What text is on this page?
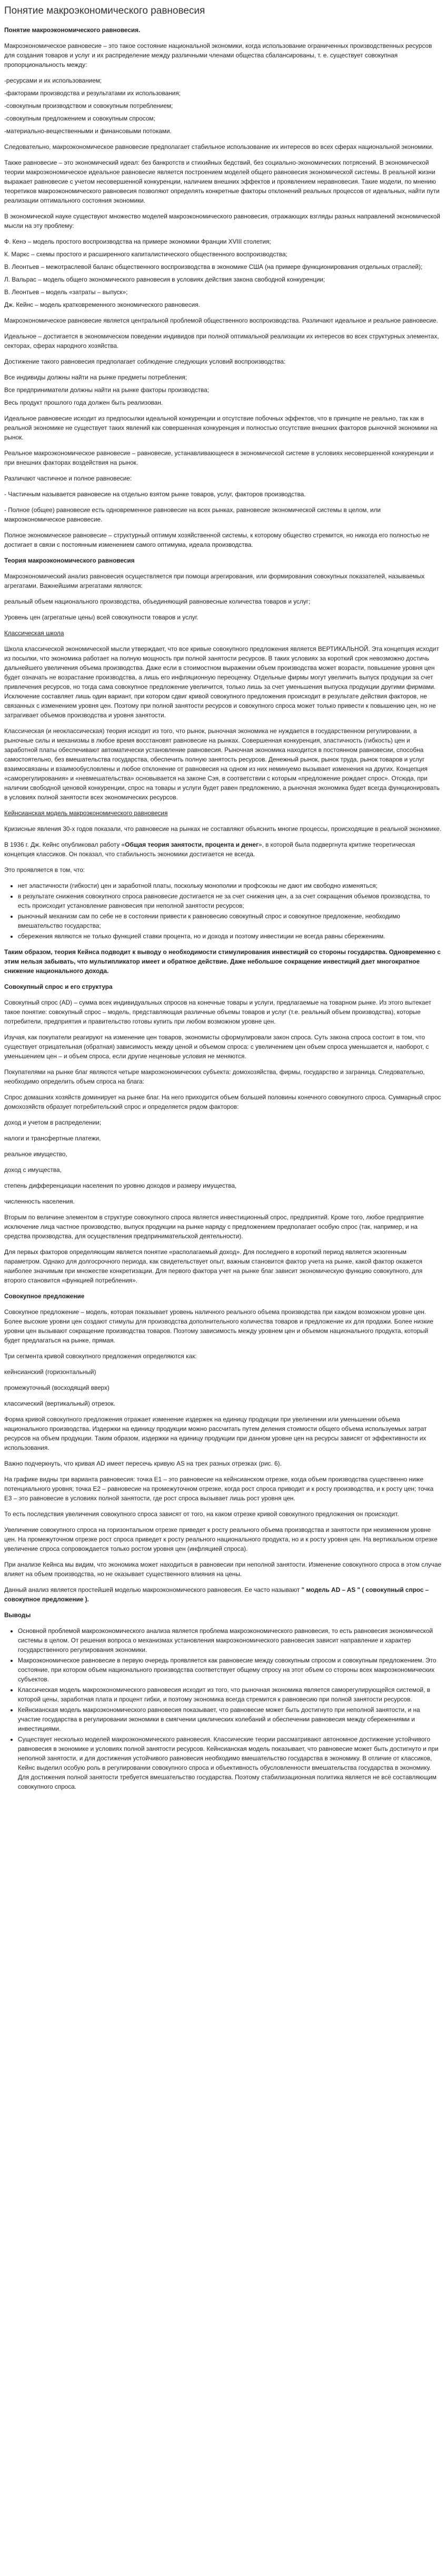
Понятие макроэкономического равновесия
Понятие макроэкономического равновесия.
Макроэкономическое равновесие – это такое состояние национальной экономики, когда использование ограниченных производственных ресурсов для создания товаров и услуг и их распределение между различными членами общества сбалансированы, т. е. существует совокупная пропорциональность между:
-ресурсами и их использованием;
-факторами производства и результатами их использования;
-совокупным производством и совокупным потреблением;
-совокупным предложением и совокупным спросом;
-материально-вещественными и финансовыми потоками.
Следовательно, макроэкономическое равновесие предполагает стабильное использование их интересов во всех сферах национальной экономики.
Также равновесие – это экономический идеал: без банкротств и стихийных бедствий, без социально-экономических потрясений. В экономической теории макроэкономическое идеальное равновесие является построением моделей общего равновесия экономической системы. В реальной жизни выражает равновесие с учетом несовершенной конкуренции, наличием внешних эффектов и проявлением неравновесия. Такие модели, по мнению теоретиков макроэкономического равновесия позволяют определять конкретные факторы отклонений реальных процессов от идеальных, найти пути реализации оптимального состояния экономики.
В экономической науке существуют множество моделей макроэкономического равновесия, отражающих взгляды разных направлений экономической мысли на эту проблему:
Ф. Кенэ – модель простого воспроизводства на примере экономики Франции XVIII столетия;
К. Маркс – схемы простого и расширенного капиталистического общественного воспроизводства;
В. Леонтьев – межотраслевой баланс общественного воспроизводства в экономике США (на примере функционирования отдельных отраслей);
Л. Вальрас – модель общего экономического равновесия в условиях действия закона свободной конкуренции;
В. Леонтьев – модель «затраты – выпуск»;
Дж. Кейнс – модель кратковременного экономического равновесия.
Макроэкономическое равновесие является центральной проблемой общественного воспроизводства. Различают идеальное и реальное равновесие.
Идеальное – достигается в экономическом поведении индивидов при полной оптимальной реализации их интересов во всех структурных элементах, секторах, сферах народного хозяйства.
Достижение такого равновесия предполагает соблюдение следующих условий воспроизводства:
Все индивиды должны найти на рынке предметы потребления;
Все предприниматели должны найти на рынке факторы производства;
Весь продукт прошлого года должен быть реализован.
Идеальное равновесие исходит из предпосылки идеальной конкуренции и отсутствие побочных эффектов, что в принципе не реально, так как в реальной экономике не существует таких явлений как совершенная конкуренция и полностью отсутствие внешних факторов рыночной экономики на рынок.
Реальное макроэкономическое равновесие – равновесие, устанавливающееся в экономической системе в условиях несовершенной конкуренции и при внешних факторах воздействия на рынок.
Различают частичное и полное равновесие:
- Частичным называется равновесие на отдельно взятом рынке товаров, услуг, факторов производства.
- Полное (общее) равновесие есть одновременное равновесие на всех рынках, равновесие экономической системы в целом, или макроэкономическое равновесие.
Полное экономическое равновесие – структурный оптимум хозяйственной системы, к которому общество стремится, но никогда его полностью не достигает в связи с постоянным изменением самого оптимума, идеала производства.
Теория макроэкономического равновесия
Макроэкономический анализ равновесия осуществляется при помощи агрегирования, или формирования совокупных показателей, называемых агрегатами. Важнейшими агрегатами являются:
реальный объем национального производства, объединяющий равновесные количества товаров и услуг;
Уровень цен (агрегатные цены) всей совокупности товаров и услуг.
Классическая школа
Школа классической экономической мысли утверждает, что все кривые совокупного предложения является ВЕРТИКАЛЬНОЙ. Эта концепция исходит из посылки, что экономика работает на полную мощность при полной занятости ресурсов. В таких условиях за короткий срок невозможно достичь дальнейшего увеличения объема производства. Даже если в стоимостном выражении объем производства может возрасти, повышение уровня цен будет означать не возрастание производства, а лишь его инфляционную переоценку. Отдельные фирмы могут увеличить выпуск продукции за счет привлечения ресурсов, но тогда сама совокупное предложение увеличится, только лишь за счет уменьшения выпуска продукции другими фирмами. Исключение составляет лишь один вариант, при котором сдвиг кривой совокупного предложения происходит в результате действия факторов, не связанных с изменением уровня цен. Поэтому при полной занятости ресурсов и совокупного спроса может только привести к повышению цен, но не затрагивает объемов производства и уровня занятости.
Классическая (и неоклассическая) теория исходит из того, что рынок, рыночная экономика не нуждается в государственном регулировании, а рыночные силы и механизмы в любое время восстановят равновесие на рынках. Совершенная конкуренция, эластичность (гибкость) цен и заработной платы обеспечивают автоматически установление равновесия. Рыночная экономика находится в постоянном равновесии, способна самостоятельно, без вмешательства государства, обеспечить полную занятость ресурсов. Денежный рынок, рынок труда, рынок товаров и услуг взаимосвязаны и взаимообусловлены и любое отклонение от равновесия на одном из них неминуемо вызывает изменения на других. Концепция «саморегулирования» и «невмешательства» основывается на законе Сэя, в соответствии с которым «предложение рождает спрос». Отсюда, при наличии свободной ценовой конкуренции, спрос на товары и услуги будет равен предложению, а рыночная экономика будет всегда функционировать в условиях полной занятости всех экономических ресурсов.
Кейнсианская модель макроэкономического равновесия
Кризисные явления 30-х годов показали, что равновесие на рынках не составляют объяснить многие процессы, происходящие в реальной экономике.
В 1936 г. Дж. Кейнс опубликовал работу «Общая теория занятости, процента и денег», в которой была подвергнута критике теоретическая концепция классиков. Он показал, что стабильность экономики достигается не всегда.
Это проявляется в том, что:
• нет эластичности (гибкости) цен и заработной платы, поскольку монополии и профсоюзы не дают им свободно изменяться;
• в результате снижения совокупного спроса равновесие достигается не за счет снижения цен, а за счет сокращения объемов производства, то есть происходит установление равновесия при неполной занятости ресурсов;
• рыночный механизм сам по себе не в состоянии привести к равновесию совокупный спрос и совокупное предложение, необходимо вмешательство государства;
• сбережения являются не только функцией ставки процента, но и дохода и поэтому инвестиции не всегда равны сбережениям.
Таким образом, теория Кейнса подводит к выводу о необходимости стимулирования инвестиций со стороны государства. Одновременно с этим нельзя забывать, что мультипликатор имеет и обратное действие. Даже небольшое сокращение инвестиций дает многократное снижение национального дохода.
Совокупный спрос и его структура
Совокупный спрос (AD) – сумма всех индивидуальных спросов на конечные товары и услуги, предлагаемые на товарном рынке. Из этого вытекает такое понятие: совокупный спрос – модель, представляющая различные объемы товаров и услуг (т.е. реальный объем производства), которые потребители, предприятия и правительство готовы купить при любом возможном уровне цен.
Изучая, как покупатели реагируют на изменение цен товаров, экономисты сформулировали закон спроса. Суть закона спроса состоит в том, что существует отрицательная (обратная) зависимость между ценой и объемом спроса: с увеличением цен объем спроса уменьшается и, наоборот, с уменьшением цен – и объем спроса, если другие неценовые условия не меняются.
Покупателями на рынке благ являются четыре макроэкономических субъекта: домохозяйства, фирмы, государство и заграница. Следовательно, необходимо определить объем спроса на блага:
Спрос домашних хозяйств доминирует на рынке благ. На него приходится объем большей половины конечного совокупного спроса. Суммарный спрос домохозяйств образует потребительский спрос и определяется рядом факторов:
доход и учетом в распределении;
налоги и трансфертные платежи,
реальное имущество,
доход с имущества,
степень дифференциации населения по уровню доходов и размеру имущества,
численность населения.
Вторым по величине элементом в структуре совокупного спроса является инвестиционный спрос, предприятий. Кроме того, любое предприятие исключение лица частное производство, выпуск продукции на рынке наряду с предложением предполагает особую спрос (так, например, и на средства производства, для осуществления предпринимательской деятельности).
Для первых факторов определяющим является понятие «располагаемый доход». Для последнего в короткий период является экзогенным параметром. Однако для долгосрочного периода, как свидетельствует опыт, важным становится фактор учета на рынке, какой фактор окажется наиболее значимым при множестве конкретизации. Для первого фактора учет на рынке благ зависит экономическую функцию совокупного, для второго становится «функцией потребления».
Совокупное предложение
Совокупное предложение – модель, которая показывает уровень наличного реального объема производства при каждом возможном уровне цен. Более высокие уровни цен создают стимулы для производства дополнительного количества товаров и предложение их для продажи. Более низкие уровни цен вызывают сокращение производства товаров. Поэтому зависимость между уровнем цен и объемом национального продукта, который будет предлагаться на рынке, прямая.
Три сегмента кривой совокупного предложения определяются как:
кейнсианский (горизонтальный)
промежуточный (восходящий вверх)
классический (вертикальный) отрезок.
Форма кривой совокупного предложения отражает изменение издержек на единицу продукции при увеличении или уменьшении объема национального производства. Издержки на единицу продукции можно рассчитать путем деления стоимости общего объема используемых затрат ресурсов на объем продукции. Таким образом, издержки на единицу продукции при данном уровне цен на ресурсы зависят от эффективности их использования.
Важно подчеркнуть, что кривая AD имеет пересечь кривую AS на трех разных отрезках (рис. 6).
На графике видны три варианта равновесия: точка E1 – это равновесие на кейнсианском отрезке, когда объем производства существенно ниже потенциального уровня; точка E2 – равновесие на промежуточном отрезке, когда рост спроса приводит и к росту производства, и к росту цен; точка E3 – это равновесие в условиях полной занятости, где рост спроса вызывает лишь рост уровня цен.
То есть последствия увеличения совокупного спроса зависят от того, на каком отрезке кривой совокупного предложения он происходит.
Увеличение совокупного спроса на горизонтальном отрезке приведет к росту реального объема производства и занятости при неизменном уровне цен. На промежуточном отрезке рост спроса приведет к росту реального национального продукта, но и к росту уровня цен. На вертикальном отрезке увеличение спроса сопровождается только ростом уровня цен (инфляцией спроса).
При анализе Кейнса мы видим, что экономика может находиться в равновесии при неполной занятости. Изменение совокупного спроса в этом случае влияет на объем производства, но не оказывает существенного влияния на цены.
Данный анализ является простейшей моделью макроэкономического равновесия. Ее часто называют " модель AD – AS " ( совокупный спрос – совокупное предложение ).
Выводы
• Основной проблемой макроэкономического анализа является проблема макроэкономического равновесия, то есть равновесия экономической системы в целом. От решения вопроса о механизмах установления макроэкономического равновесия зависит направление и характер государственного регулирования экономики.
• Макроэкономическое равновесие в первую очередь проявляется как равновесие между совокупным спросом и совокупным предложением. Это состояние, при котором объем национального производства соответствует общему спросу на этот объем со стороны всех макроэкономических субъектов.
• Классическая модель макроэкономического равновесия исходит из того, что рыночная экономика является саморегулирующейся системой, в которой цены, заработная плата и процент гибки, и поэтому экономика всегда стремится к равновесию при полной занятости ресурсов.
• Кейнсианская модель макроэкономического равновесия показывает, что равновесие может быть достигнуто при неполной занятости, и на участие государства в регулировании экономики в смягчении циклических колебаний и обеспечении равновесия между сбережениями и инвестициями.
• Существует несколько моделей макроэкономического равновесия. Классические теории рассматривают автономное достижение устойчивого равновесия в экономике и условиях полной занятости ресурсов. Кейнсианская модель показывает, что равновесие может быть достигнуто и при неполной занятости, и для достижения устойчивого равновесия необходимо вмешательство государства в экономику. В отличие от классиков, Кейнс выделил особую роль в регулировании совокупного спроса и объективность обусловленности вмешательства государства в экономику. Для достижения полной занятости требуется вмешательство государства. Поэтому стабилизационная политика является не всё составляющим совокупного спроса.
